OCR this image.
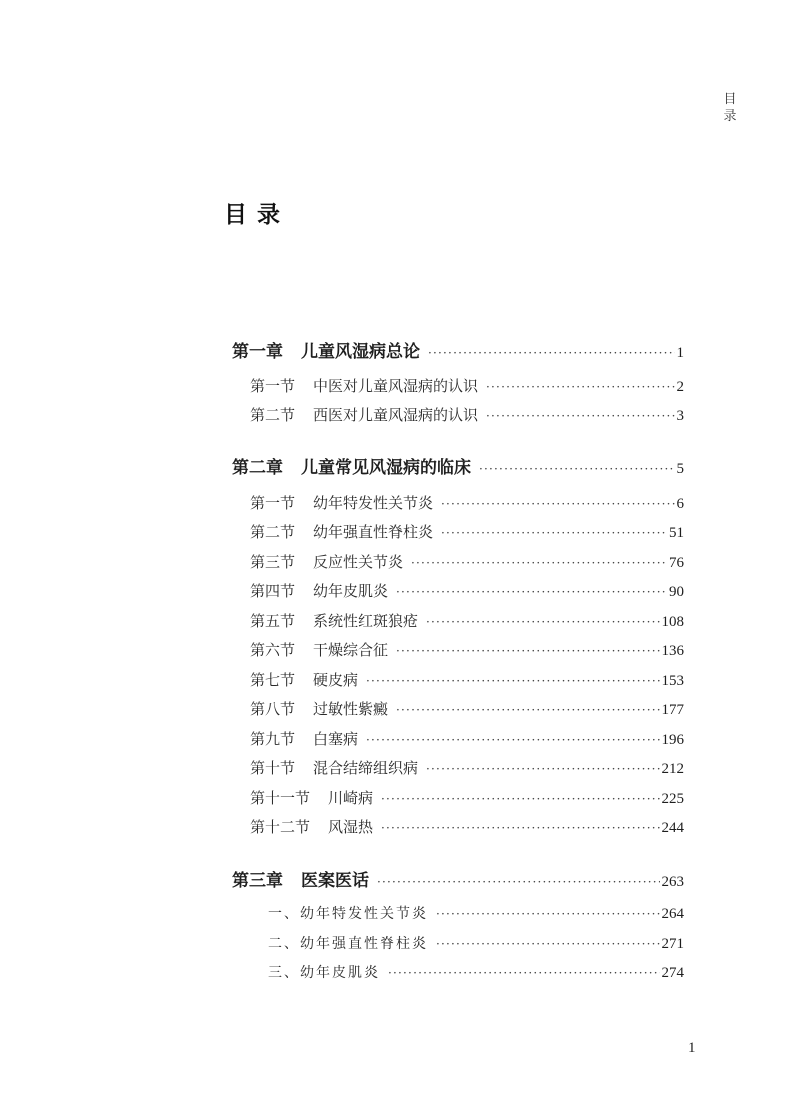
目录
目 录
第一章 儿童风湿病总论 ·····	1
第一节 中医对儿童风湿病的认识 ·····	2
第二节 西医对儿童风湿病的认识 ·····	3
第二章 儿童常见风湿病的临床 ·····	5
第一节 幼年特发性关节炎 ·····	6
第二节 幼年强直性脊柱炎 ·····	51
第三节 反应性关节炎 ·····	76
第四节 幼年皮肌炎 ·····	90
第五节 系统性红斑狼疮 ·····	108
第六节 干燥综合征 ·····	136
第七节 硬皮病 ·····	153
第八节 过敏性紫癜 ·····	177
第九节 白塞病 ·····	196
第十节 混合结缔组织病 ·····	212
第十一节 川崎病 ·····	225
第十二节 风湿热 ·····	244
第三章 医案医话 ·····	263
一、幼年特发性关节炎 ·····	264
二、幼年强直性脊柱炎 ·····	271
三、幼年皮肌炎 ·····	274
1
